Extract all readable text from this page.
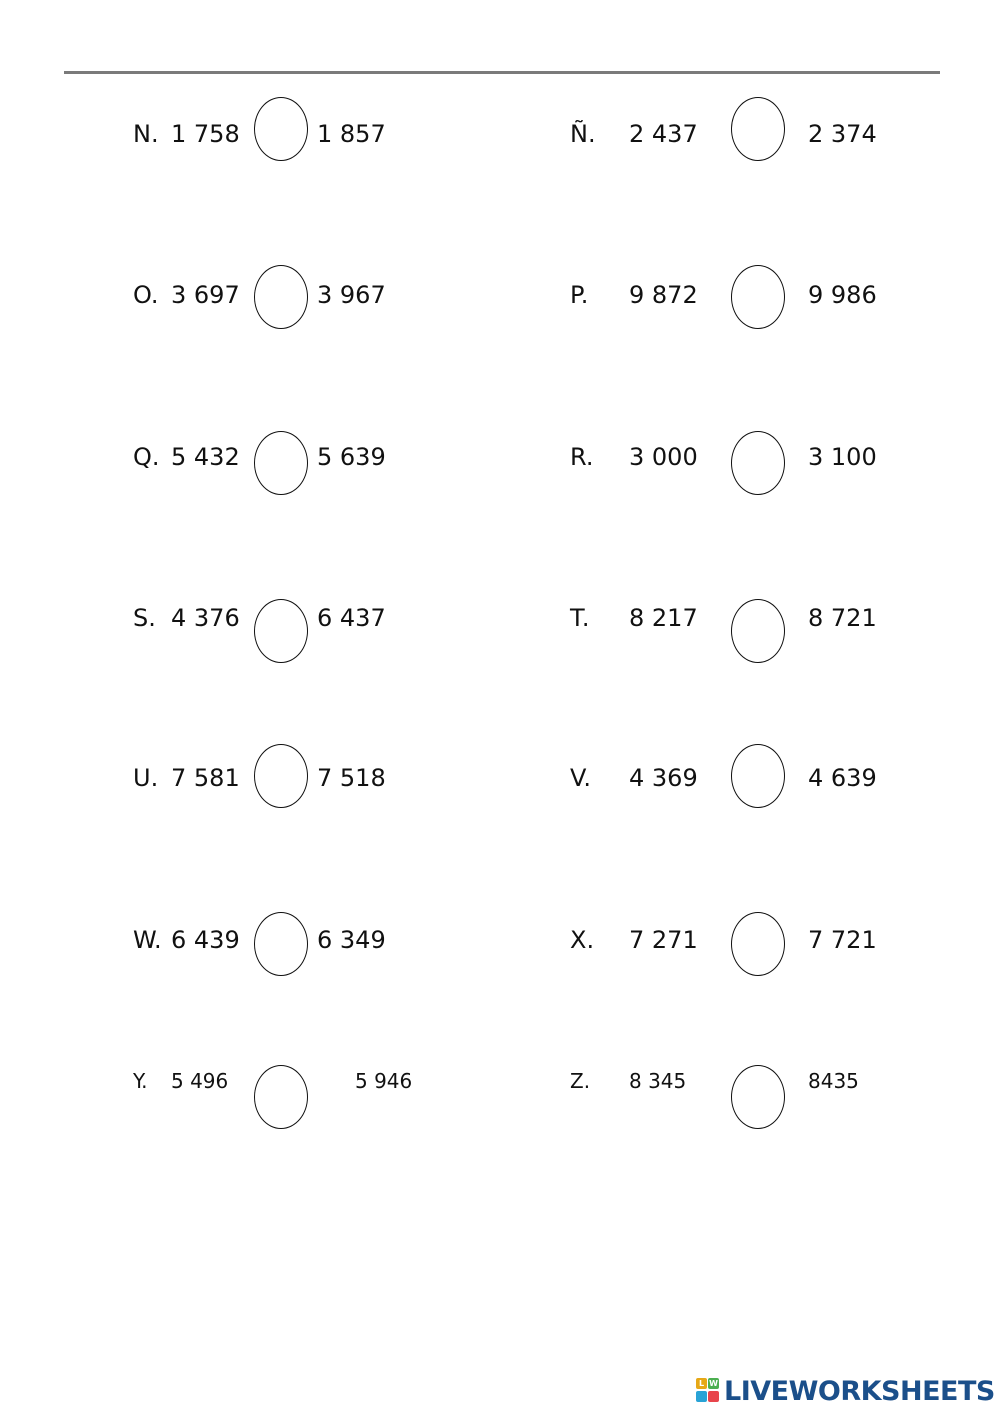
N. 1 758	1 857	Ñ. 2 437	2 374
O. 3 697	3 967	P. 9 872	9 986
Q. 5 432	5 639	R. 3 000	3 100
S. 4 376	6 437	T. 8 217	8 721
U. 7 581	7 518	V. 4 369	4 639
W. 6 439	6 349	X. 7 271	7 721
Y. 5 496	5 946	Z. 8 345	8435
L W LIVEWORKSHEETS
